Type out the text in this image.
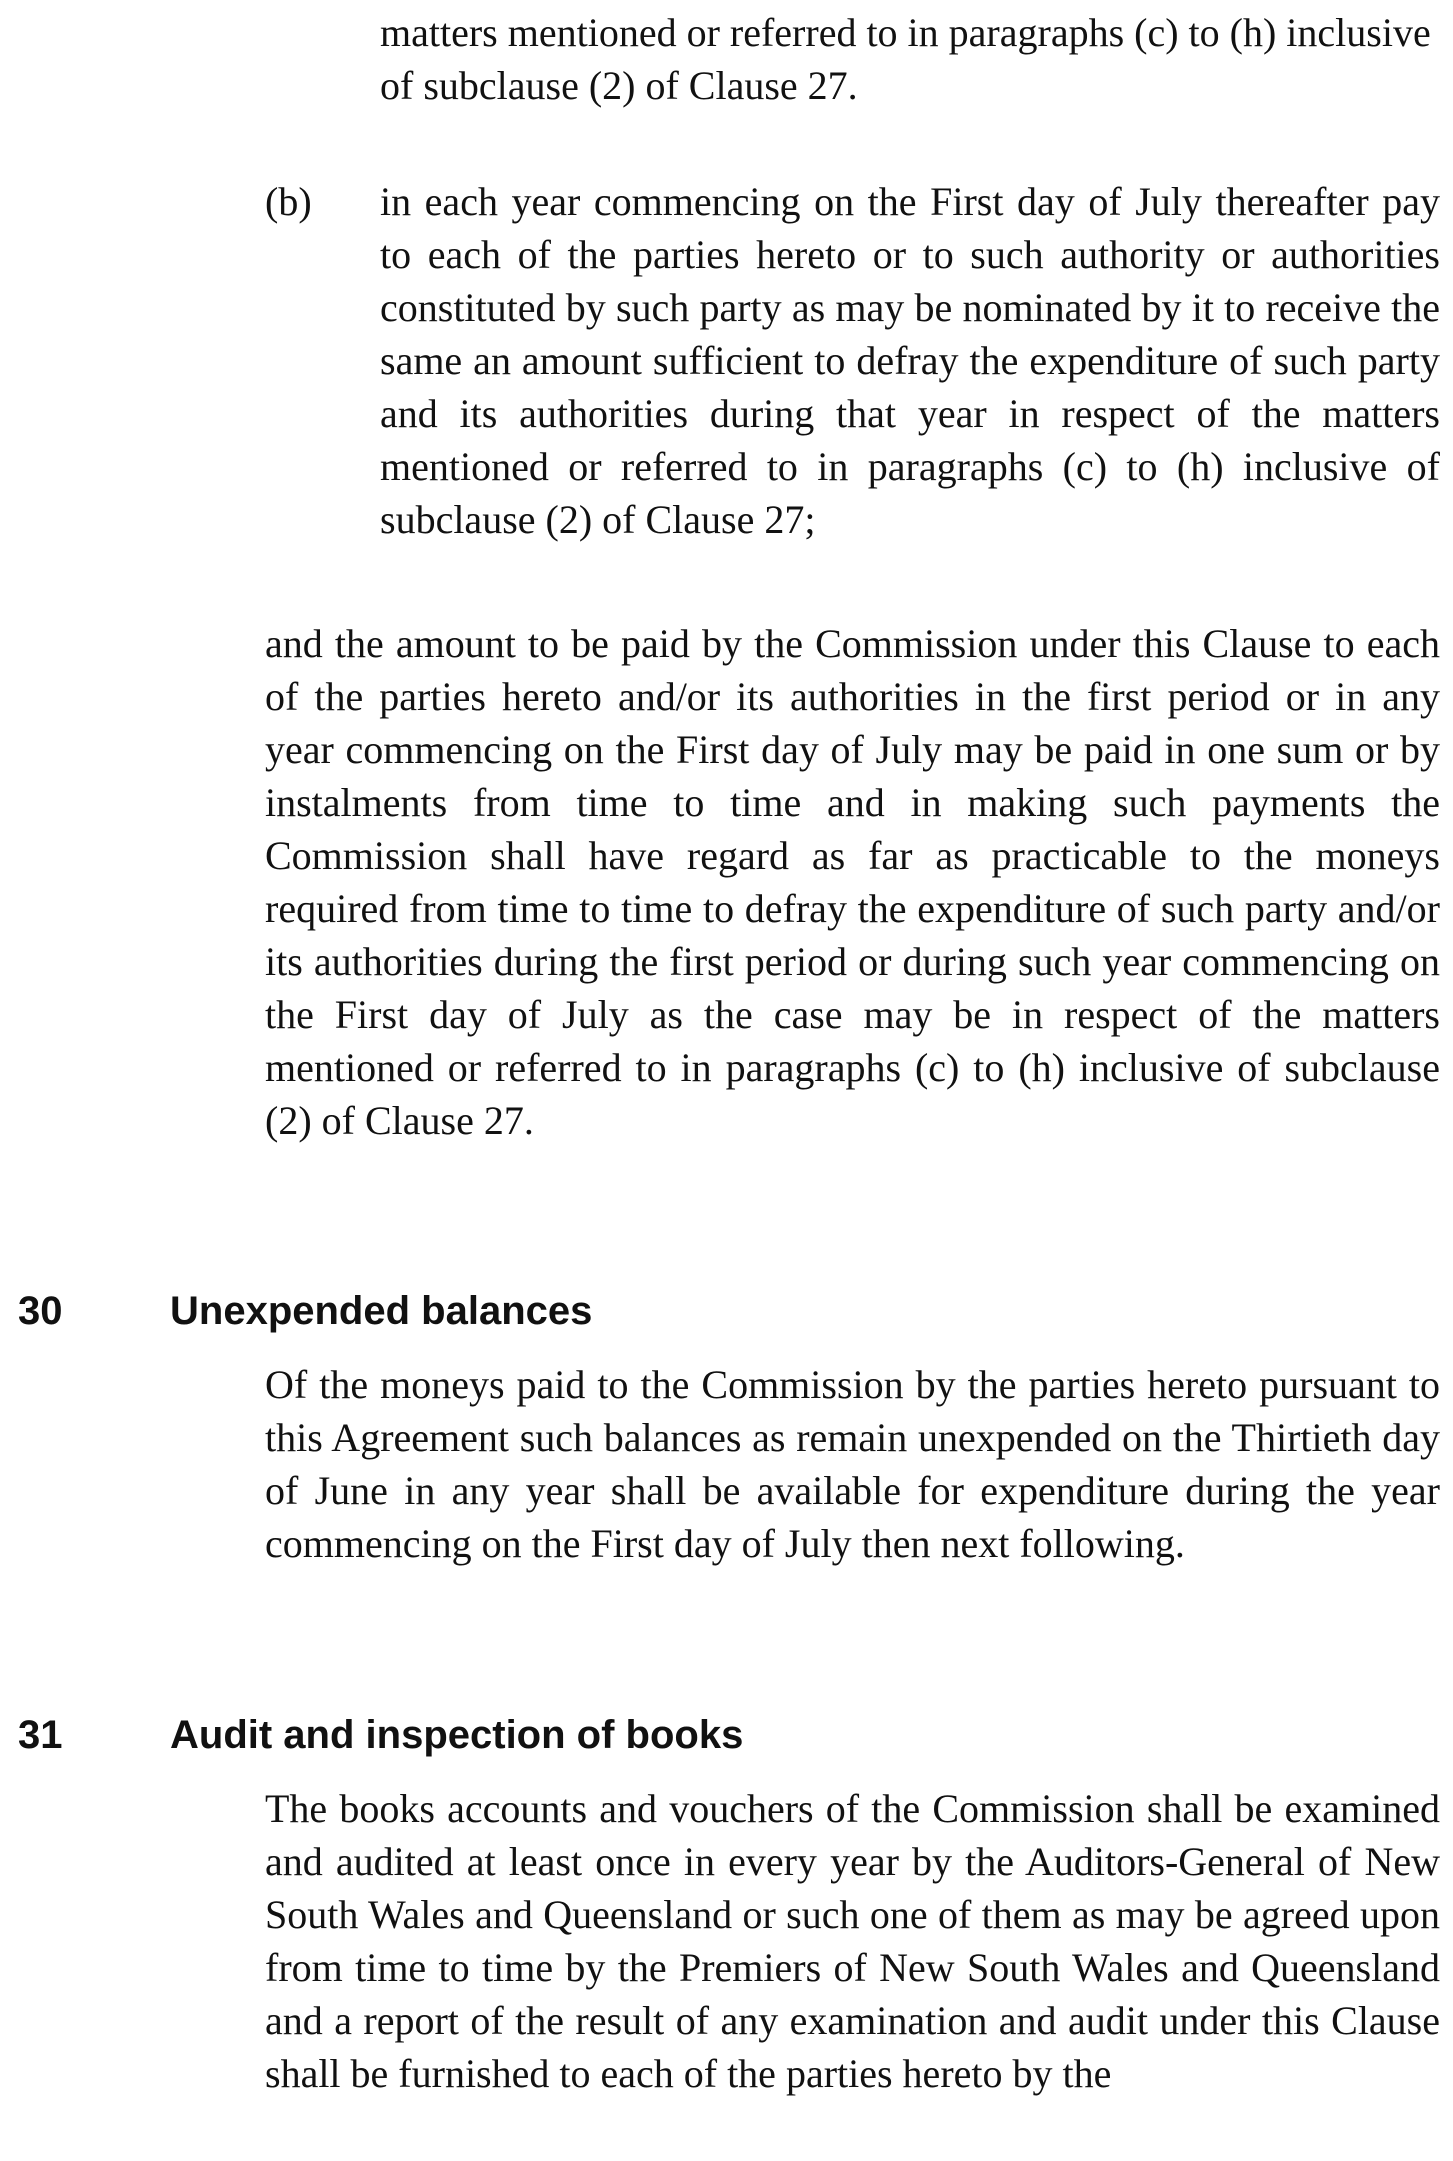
matters mentioned or referred to in paragraphs (c) to (h) inclusive of subclause (2) of Clause 27.

(b) in each year commencing on the First day of July thereafter pay to each of the parties hereto or to such authority or authorities constituted by such party as may be nominated by it to receive the same an amount sufficient to defray the expenditure of such party and its authorities during that year in respect of the matters mentioned or referred to in paragraphs (c) to (h) inclusive of subclause (2) of Clause 27;

and the amount to be paid by the Commission under this Clause to each of the parties hereto and/or its authorities in the first period or in any year commencing on the First day of July may be paid in one sum or by instalments from time to time and in making such payments the Commission shall have regard as far as practicable to the moneys required from time to time to defray the expenditure of such party and/or its authorities during the first period or during such year commencing on the First day of July as the case may be in respect of the matters mentioned or referred to in paragraphs (c) to (h) inclusive of subclause (2) of Clause 27.

30	Unexpended balances

Of the moneys paid to the Commission by the parties hereto pursuant to this Agreement such balances as remain unexpended on the Thirtieth day of June in any year shall be available for expenditure during the year commencing on the First day of July then next following.

31	Audit and inspection of books

The books accounts and vouchers of the Commission shall be examined and audited at least once in every year by the Auditors-General of New South Wales and Queensland or such one of them as may be agreed upon from time to time by the Premiers of New South Wales and Queensland and a report of the result of any examination and audit under this Clause shall be furnished to each of the parties hereto by the
